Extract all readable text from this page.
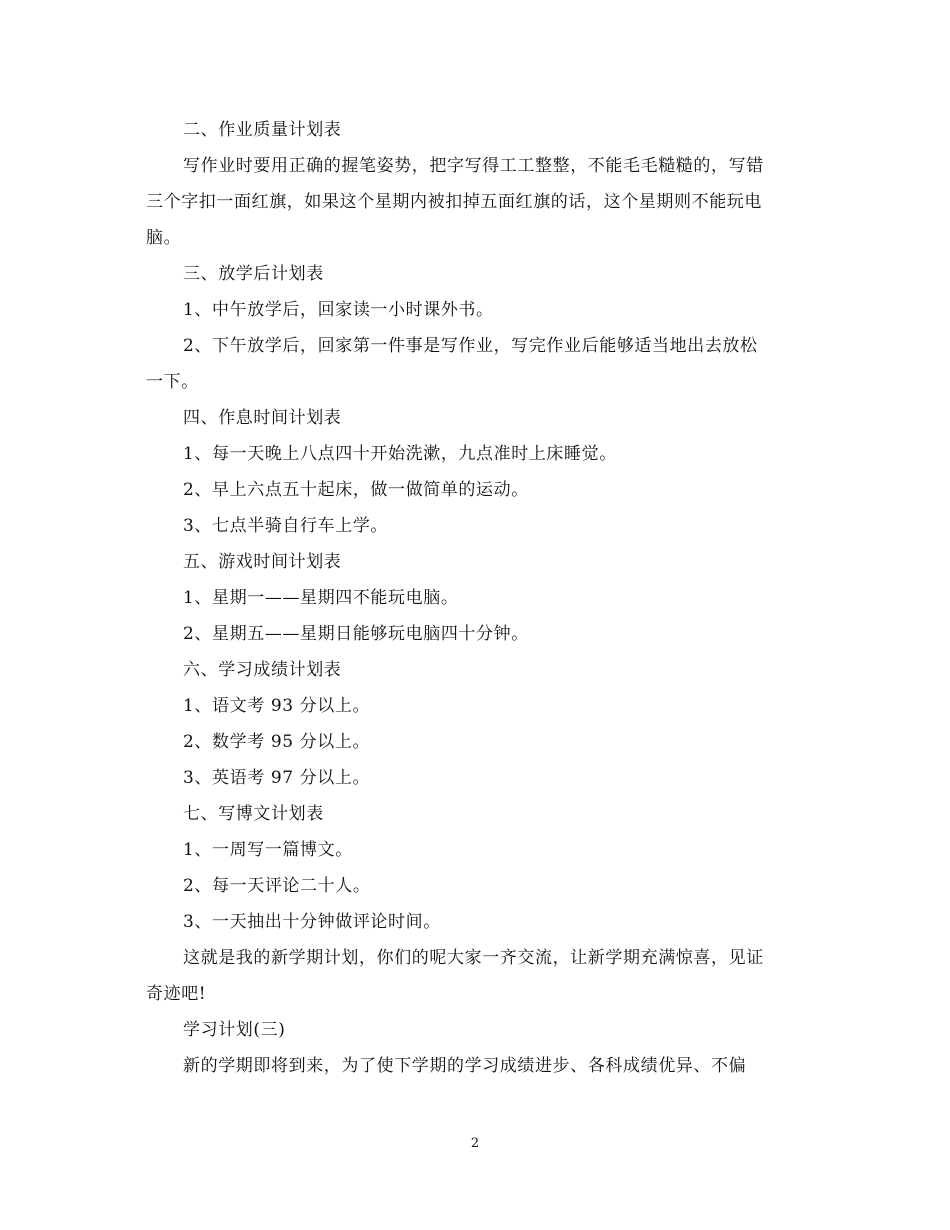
二、作业质量计划表
写作业时要用正确的握笔姿势，把字写得工工整整，不能毛毛糙糙的，写错
三个字扣一面红旗，如果这个星期内被扣掉五面红旗的话，这个星期则不能玩电
脑。
三、放学后计划表
1、中午放学后，回家读一小时课外书。
2、下午放学后，回家第一件事是写作业，写完作业后能够适当地出去放松
一下。
四、作息时间计划表
1、每一天晚上八点四十开始洗漱，九点准时上床睡觉。
2、早上六点五十起床，做一做简单的运动。
3、七点半骑自行车上学。
五、游戏时间计划表
1、星期一——星期四不能玩电脑。
2、星期五——星期日能够玩电脑四十分钟。
六、学习成绩计划表
1、语文考 93 分以上。
2、数学考 95 分以上。
3、英语考 97 分以上。
七、写博文计划表
1、一周写一篇博文。
2、每一天评论二十人。
3、一天抽出十分钟做评论时间。
这就是我的新学期计划，你们的呢大家一齐交流，让新学期充满惊喜，见证
奇迹吧!
学习计划(三)
新的学期即将到来，为了使下学期的学习成绩进步、各科成绩优异、不偏
2
